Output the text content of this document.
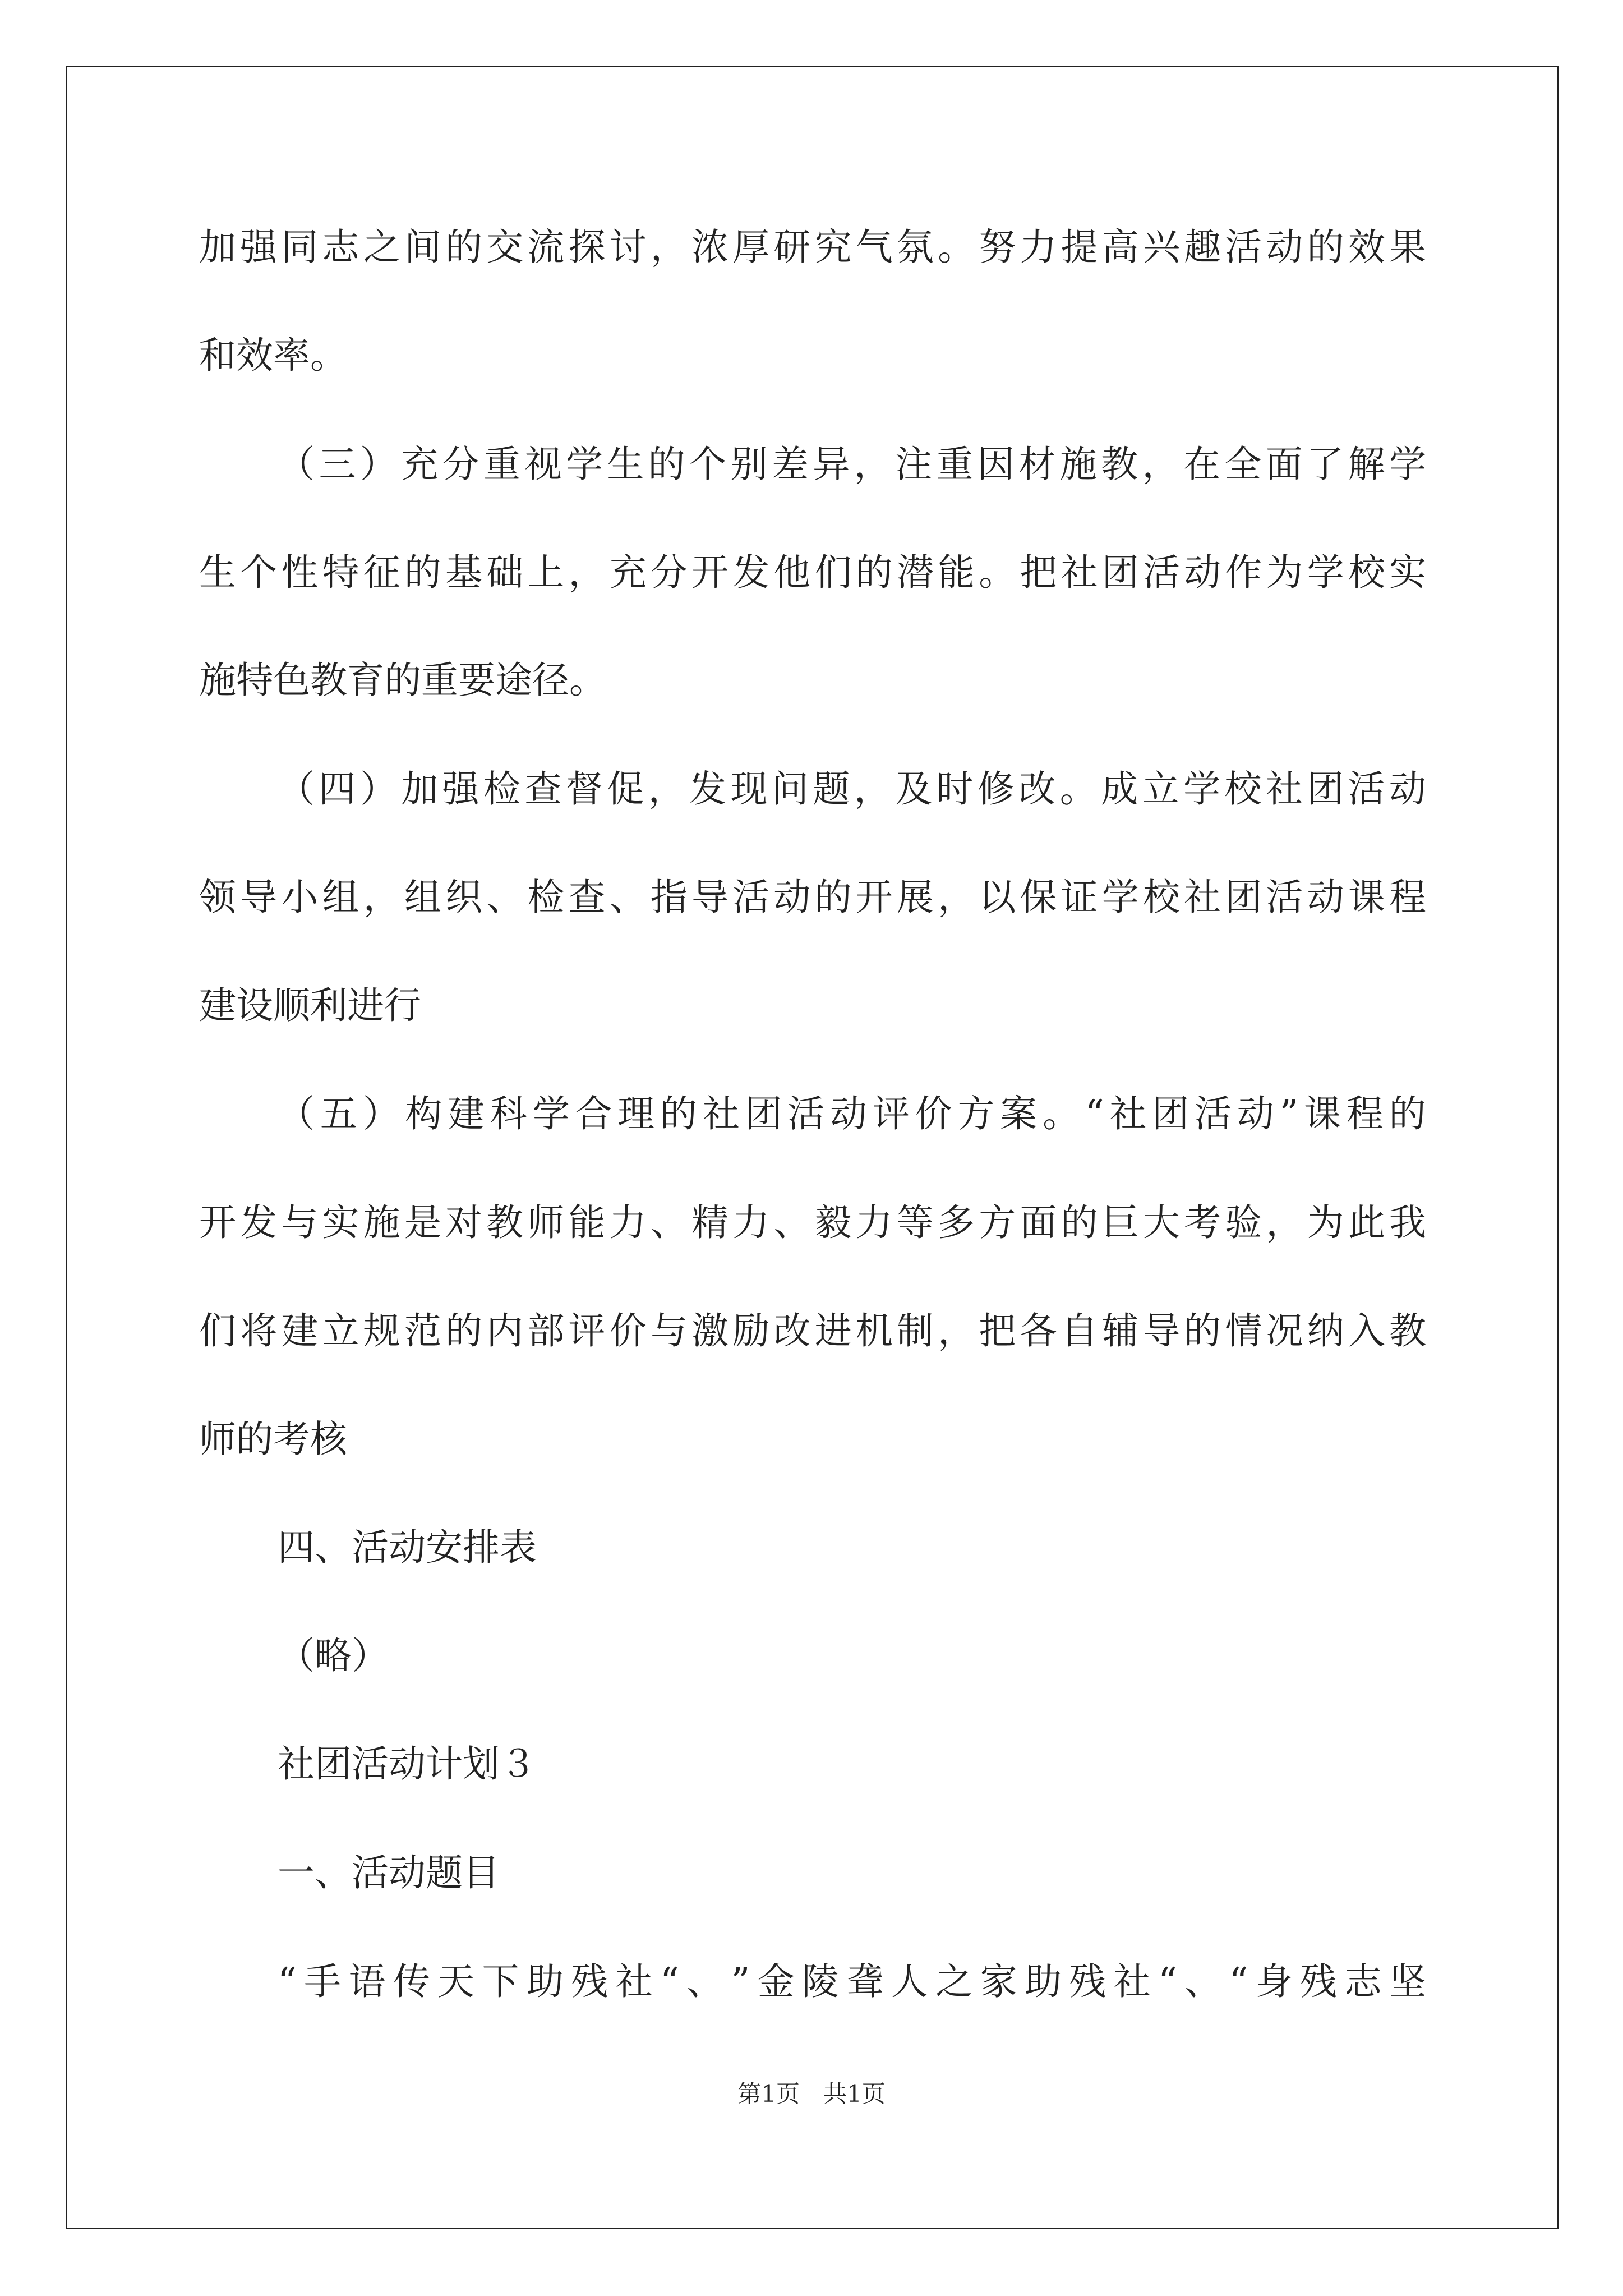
加 强 同 志 之 间 的 交 流 探 讨 ， 浓 厚 研 究 气 氛 。 努 力 提 高 兴 趣 活 动 的 效 果
和效率。
（ 三 ） 充 分 重 视 学 生 的 个 别 差 异 ， 注 重 因 材 施 教 ， 在 全 面 了 解 学
生 个 性 特 征 的 基 础 上 ， 充 分 开 发 他 们 的 潜 能 。 把 社 团 活 动 作 为 学 校 实
施特色教育的重要途径。
（ 四 ） 加 强 检 查 督 促 ， 发 现 问 题 ， 及 时 修 改 。 成 立 学 校 社 团 活 动
领 导 小 组 ， 组 织 、 检 查 、 指 导 活 动 的 开 展 ， 以 保 证 学 校 社 团 活 动 课 程
建设顺利进行
（ 五 ） 构 建 科 学 合 理 的 社 团 活 动 评 价 方 案 。 “ 社 团 活 动 ” 课 程 的
开 发 与 实 施 是 对 教 师 能 力 、 精 力 、 毅 力 等 多 方 面 的 巨 大 考 验 ， 为 此 我
们 将 建 立 规 范 的 内 部 评 价 与 激 励 改 进 机 制 ， 把 各 自 辅 导 的 情 况 纳 入 教
师的考核
四、活动安排表
（略）
社团活动计划３
一、活动题目
“ 手 语 传 天 下 助 残 社 “ 、 ” 金 陵 聋 人 之 家 助 残 社 “ 、 “ 身 残 志 坚
第1页　共1页
